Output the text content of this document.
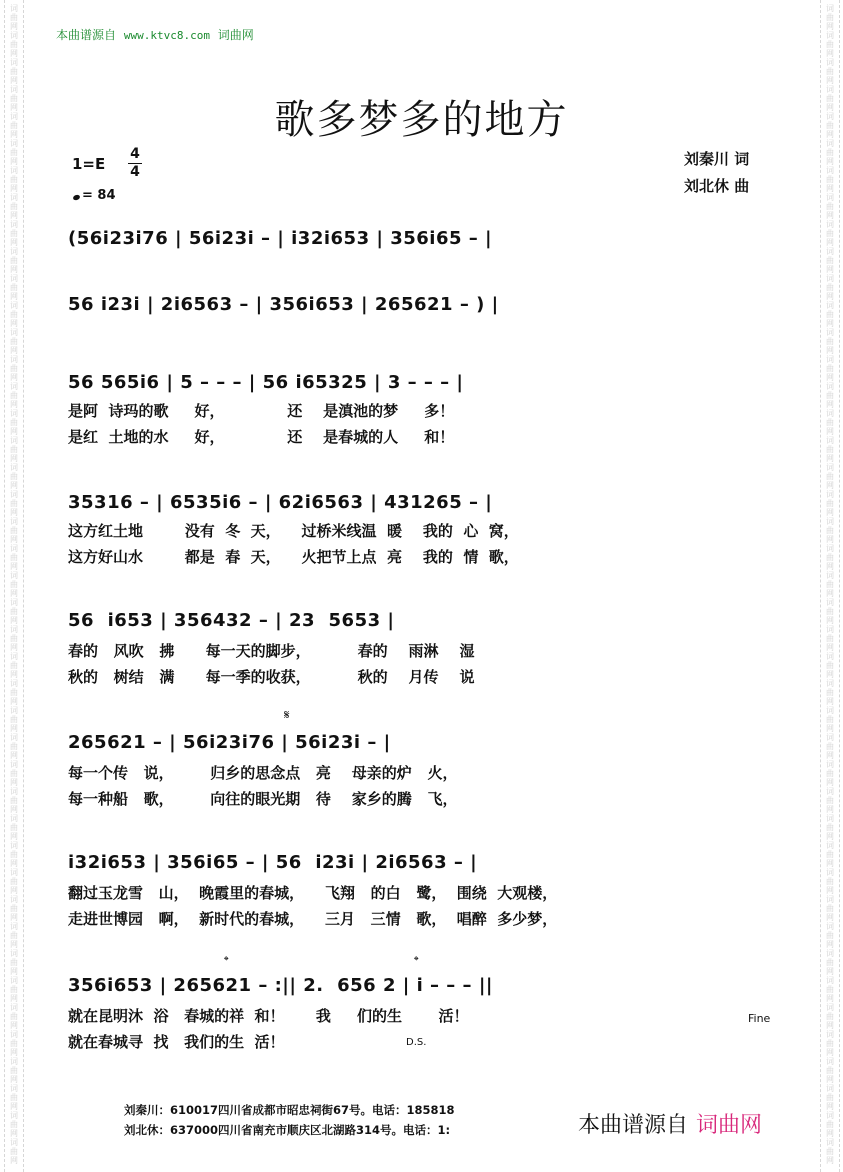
词
曲
网
词
曲
网
词
曲
网
词
曲
网
词
曲
网
词
曲
网
词
曲
网
词
曲
网
词
曲
网
词
曲
网
词
曲
网
词
曲
网
词
曲
网
词
曲
网
词
曲
网
词
曲
网
词
曲
网
词
曲
网
词
曲
网
词
曲
网
词
曲
网
词
曲
网
词
曲
网
词
曲
网
词
曲
网
词
曲
网
词
曲
网
词
曲
网
词
曲
网
词
曲
网
词
曲
网
词
曲
网
词
曲
网
词
曲
网
词
曲
网
词
曲
网
词
曲
网
词
曲
网
词
曲
网
词
曲
网
词
曲
网
词
曲
网
词
曲
网
词
曲
网
词
曲
网
词
曲
网
词
曲
网
词
曲
网
词
曲
网
词
曲
网
词
曲
网
词
曲
网
词
曲
网
词
曲
网
词
曲
网
词
曲
网
词
曲
网
词
曲
网
词
曲
网
词
曲
网
词
曲
网
词
曲
网
词
曲
网
词
曲
网
词
曲
网
词
曲
网
词
曲
网
词
曲
网
词
曲
网
词
曲
网
词
曲
网
词
曲
网
词
曲
网
词
曲
网
词
曲
网
词
曲
网
词
曲
网
词
曲
网
词
曲
网
词
曲
网
词
曲
网
词
曲
网
词
曲
网
词
曲
网
词
曲
网
词
曲
网
本曲谱源自 www.ktvc8.com 词曲网
歌多梦多的地方
1=E
4
4
= 84
刘秦川 词
刘北休 曲
(56i23i76 | 56i23i – | i32i653 | 356i65 – |
56 i23i | 2i6563 – | 356i653 | 265621 – ) |
56 565i6 | 5 – – – | 56 i65325 | 3 – – – |
是阿  诗玛的歌     好，            还    是滇池的梦     多！
是红  土地的水     好，            还    是春城的人     和！
35316 – | 6535i6 – | 62i6563 | 431265 – |
这方红土地        没有  冬  天，    过桥米线温  暖    我的  心  窝，
这方好山水        都是  春  天，    火把节上点  亮    我的  情  歌，
56  i653 | 356432 – | 23  5653 |
春的   风吹   拂      每一天的脚步，         春的    雨淋    湿
秋的   树结   满      每一季的收获，         秋的    月传    说
𝄋
265621 – | 56i23i76 | 56i23i – |
每一个传   说，       归乡的思念点   亮    母亲的炉   火，
每一种船   歌，       向往的眼光期   待    家乡的腾   飞，
i32i653 | 356i65 – | 56  i23i | 2i6563 – |
翻过玉龙雪   山，  晚霞里的春城，    飞翔   的白   鹭，  围绕  大观楼，
走进世博园   啊，  新时代的春城，    三月   三情   歌，  唱醉  多少梦，
𝄌	𝄌
356i653 | 265621 – :|| 2.  656 2 | i – – – ||
就在昆明沐  浴   春城的祥  和！      我     们的生       活！
就在春城寻  找   我们的生  活！
Fine
D.S.
刘秦川：610017四川省成都市昭忠祠街67号。电话：185818
刘北休：637000四川省南充市顺庆区北湖路314号。电话：1:	本曲谱源自 词曲网
